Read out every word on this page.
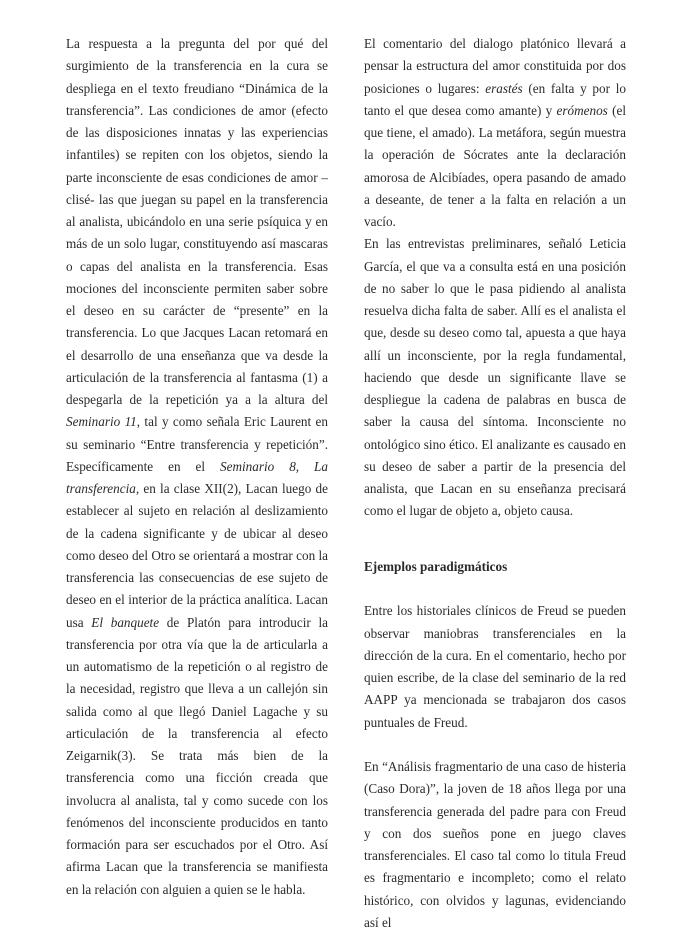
La respuesta a la pregunta del por qué del surgimiento de la transferencia en la cura se despliega en el texto freudiano “Dinámica de la transferencia”. Las condiciones de amor (efecto de las disposiciones innatas y las experiencias infantiles) se repiten con los objetos, siendo la parte inconsciente de esas condiciones de amor –clisé- las que juegan su papel en la transferencia al analista, ubicándolo en una serie psíquica y en más de un solo lugar, constituyendo así mascaras o capas del analista en la transferencia. Esas mociones del inconsciente permiten saber sobre el deseo en su carácter de “presente” en la transferencia. Lo que Jacques Lacan retomará en el desarrollo de una enseñanza que va desde la articulación de la transferencia al fantasma (1) a despegarla de la repetición ya a la altura del Seminario 11, tal y como señala Eric Laurent en su seminario “Entre transferencia y repetición”. Específicamente en el Seminario 8, La transferencia, en la clase XII(2), Lacan luego de establecer al sujeto en relación al deslizamiento de la cadena significante y de ubicar al deseo como deseo del Otro se orientará a mostrar con la transferencia las consecuencias de ese sujeto de deseo en el interior de la práctica analítica. Lacan usa El banquete de Platón para introducir la transferencia por otra vía que la de articularla a un automatismo de la repetición o al registro de la necesidad, registro que lleva a un callejón sin salida como al que llegó Daniel Lagache y su articulación de la transferencia al efecto Zeigarnik(3). Se trata más bien de la transferencia como una ficción creada que involucra al analista, tal y como sucede con los fenómenos del inconsciente producidos en tanto formación para ser escuchados por el Otro. Así afirma Lacan que la transferencia se manifiesta en la relación con alguien a quien se le habla.

El comentario del dialogo platónico llevará a pensar la estructura del amor constituida por dos posiciones o lugares: erastés (en falta y por lo tanto el que desea como amante) y erómenos (el que tiene, el amado). La metáfora, según muestra la operación de Sócrates ante la declaración amorosa de Alcibíades, opera pasando de amado a deseante, de tener a la falta en relación a un vacío.

En las entrevistas preliminares, señaló Leticia García, el que va a consulta está en una posición de no saber lo que le pasa pidiendo al analista resuelva dicha falta de saber. Allí es el analista el que, desde su deseo como tal, apuesta a que haya allí un inconsciente, por la regla fundamental, haciendo que desde un significante llave se despliegue la cadena de palabras en busca de saber la causa del síntoma. Inconsciente no ontológico sino ético. El analizante es causado en su deseo de saber a partir de la presencia del analista, que Lacan en su enseñanza precisará como el lugar de objeto a, objeto causa.

Ejemplos paradigmáticos

Entre los historiales clínicos de Freud se pueden observar maniobras transferenciales en la dirección de la cura. En el comentario, hecho por quien escribe, de la clase del seminario de la red AAPP ya mencionada se trabajaron dos casos puntuales de Freud.

En “Análisis fragmentario de una caso de histeria (Caso Dora)”, la joven de 18 años llega por una transferencia generada del padre para con Freud y con dos sueños pone en juego claves transferenciales. El caso tal como lo titula Freud es fragmentario e incompleto; como el relato histórico, con olvidos y lagunas, evidenciando así el
